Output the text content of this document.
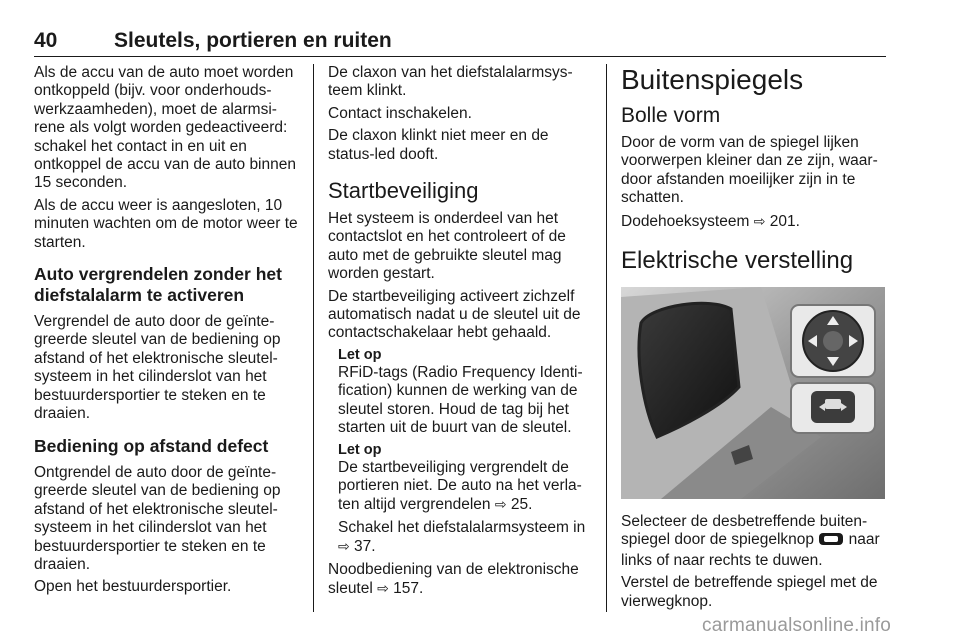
40	Sleutels, portieren en ruiten

Als de accu van de auto moet worden ontkoppeld (bijv. voor onderhouds-werkzaamheden), moet de alarmsi-rene als volgt worden gedeactiveerd: schakel het contact in en uit en ontkoppel de accu van de auto binnen 15 seconden.

Als de accu weer is aangesloten, 10 minuten wachten om de motor weer te starten.

Auto vergrendelen zonder het diefstalalarm te activeren

Vergrendel de auto door de geïnte-greerde sleutel van de bediening op afstand of het elektronische sleutel-systeem in het cilinderslot van het bestuurdersportier te steken en te draaien.

Bediening op afstand defect

Ontgrendel de auto door de geïnte-greerde sleutel van de bediening op afstand of het elektronische sleutel-systeem in het cilinderslot van het bestuurdersportier te steken en te draaien.

Open het bestuurdersportier.

De claxon van het diefstalalarmsys-teem klinkt.

Contact inschakelen.

De claxon klinkt niet meer en de status-led dooft.

Startbeveiliging

Het systeem is onderdeel van het contactslot en het controleert of de auto met de gebruikte sleutel mag worden gestart.

De startbeveiliging activeert zichzelf automatisch nadat u de sleutel uit de contactschakelaar hebt gehaald.

Let op

RFiD-tags (Radio Frequency Identi-fication) kunnen de werking van de sleutel storen. Houd de tag bij het starten uit de buurt van de sleutel.

Let op

De startbeveiliging vergrendelt de portieren niet. De auto na het verla-ten altijd vergrendelen ⇨ 25.

Schakel het diefstalalarmsysteem in
⇨ 37.

Noodbediening van de elektronische sleutel ⇨ 157.

Buitenspiegels
Bolle vorm

Door de vorm van de spiegel lijken voorwerpen kleiner dan ze zijn, waar-door afstanden moeilijker zijn in te schatten.

Dodehoeksysteem ⇨ 201.

Elektrische verstelling

Selecteer de desbetreffende buiten-spiegel door de spiegelknop naar links of naar rechts te duwen.

Verstel de betreffende spiegel met de vierwegknop.

carmanualsonline.info
